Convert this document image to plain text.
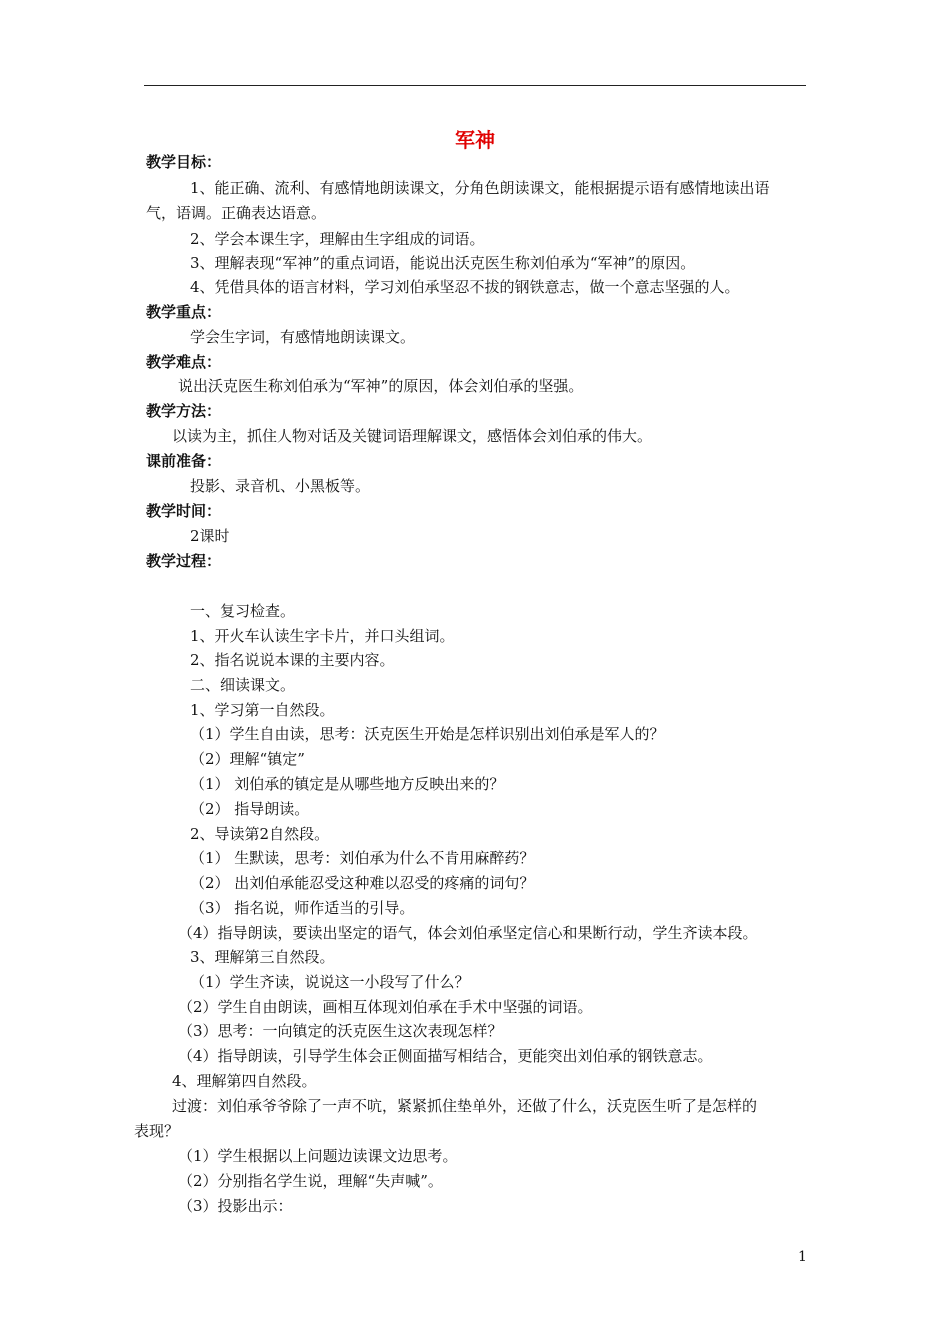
军神
教学目标：
1、能正确、流利、有感情地朗读课文，分角色朗读课文，能根据提示语有感情地读出语
气，语调。正确表达语意。
2、学会本课生字，理解由生字组成的词语。
3、理解表现“军神”的重点词语，能说出沃克医生称刘伯承为“军神”的原因。
4、凭借具体的语言材料，学习刘伯承坚忍不拔的钢铁意志，做一个意志坚强的人。
教学重点：
学会生字词，有感情地朗读课文。
教学难点：
说出沃克医生称刘伯承为“军神”的原因，体会刘伯承的坚强。
教学方法：
以读为主，抓住人物对话及关键词语理解课文，感悟体会刘伯承的伟大。
课前准备：
投影、录音机、小黑板等。
教学时间：
2课时
教学过程：
一、复习检查。
1、开火车认读生字卡片，并口头组词。
2、指名说说本课的主要内容。
二、细读课文。
1、学习第一自然段。
（1）学生自由读，思考：沃克医生开始是怎样识别出刘伯承是军人的？
（2）理解“镇定”
（1） 刘伯承的镇定是从哪些地方反映出来的？
（2） 指导朗读。
2、导读第2自然段。
（1） 生默读，思考：刘伯承为什么不肯用麻醉药？
（2） 出刘伯承能忍受这种难以忍受的疼痛的词句？
（3） 指名说，师作适当的引导。
（4）指导朗读，要读出坚定的语气，体会刘伯承坚定信心和果断行动，学生齐读本段。
3、理解第三自然段。
（1）学生齐读，说说这一小段写了什么？
（2）学生自由朗读，画相互体现刘伯承在手术中坚强的词语。
（3）思考：一向镇定的沃克医生这次表现怎样？
（4）指导朗读，引导学生体会正侧面描写相结合，更能突出刘伯承的钢铁意志。
4、理解第四自然段。
过渡：刘伯承爷爷除了一声不吭，紧紧抓住垫单外，还做了什么，沃克医生听了是怎样的
表现？
（1）学生根据以上问题边读课文边思考。
（2）分别指名学生说，理解“失声喊”。
（3）投影出示：
1
